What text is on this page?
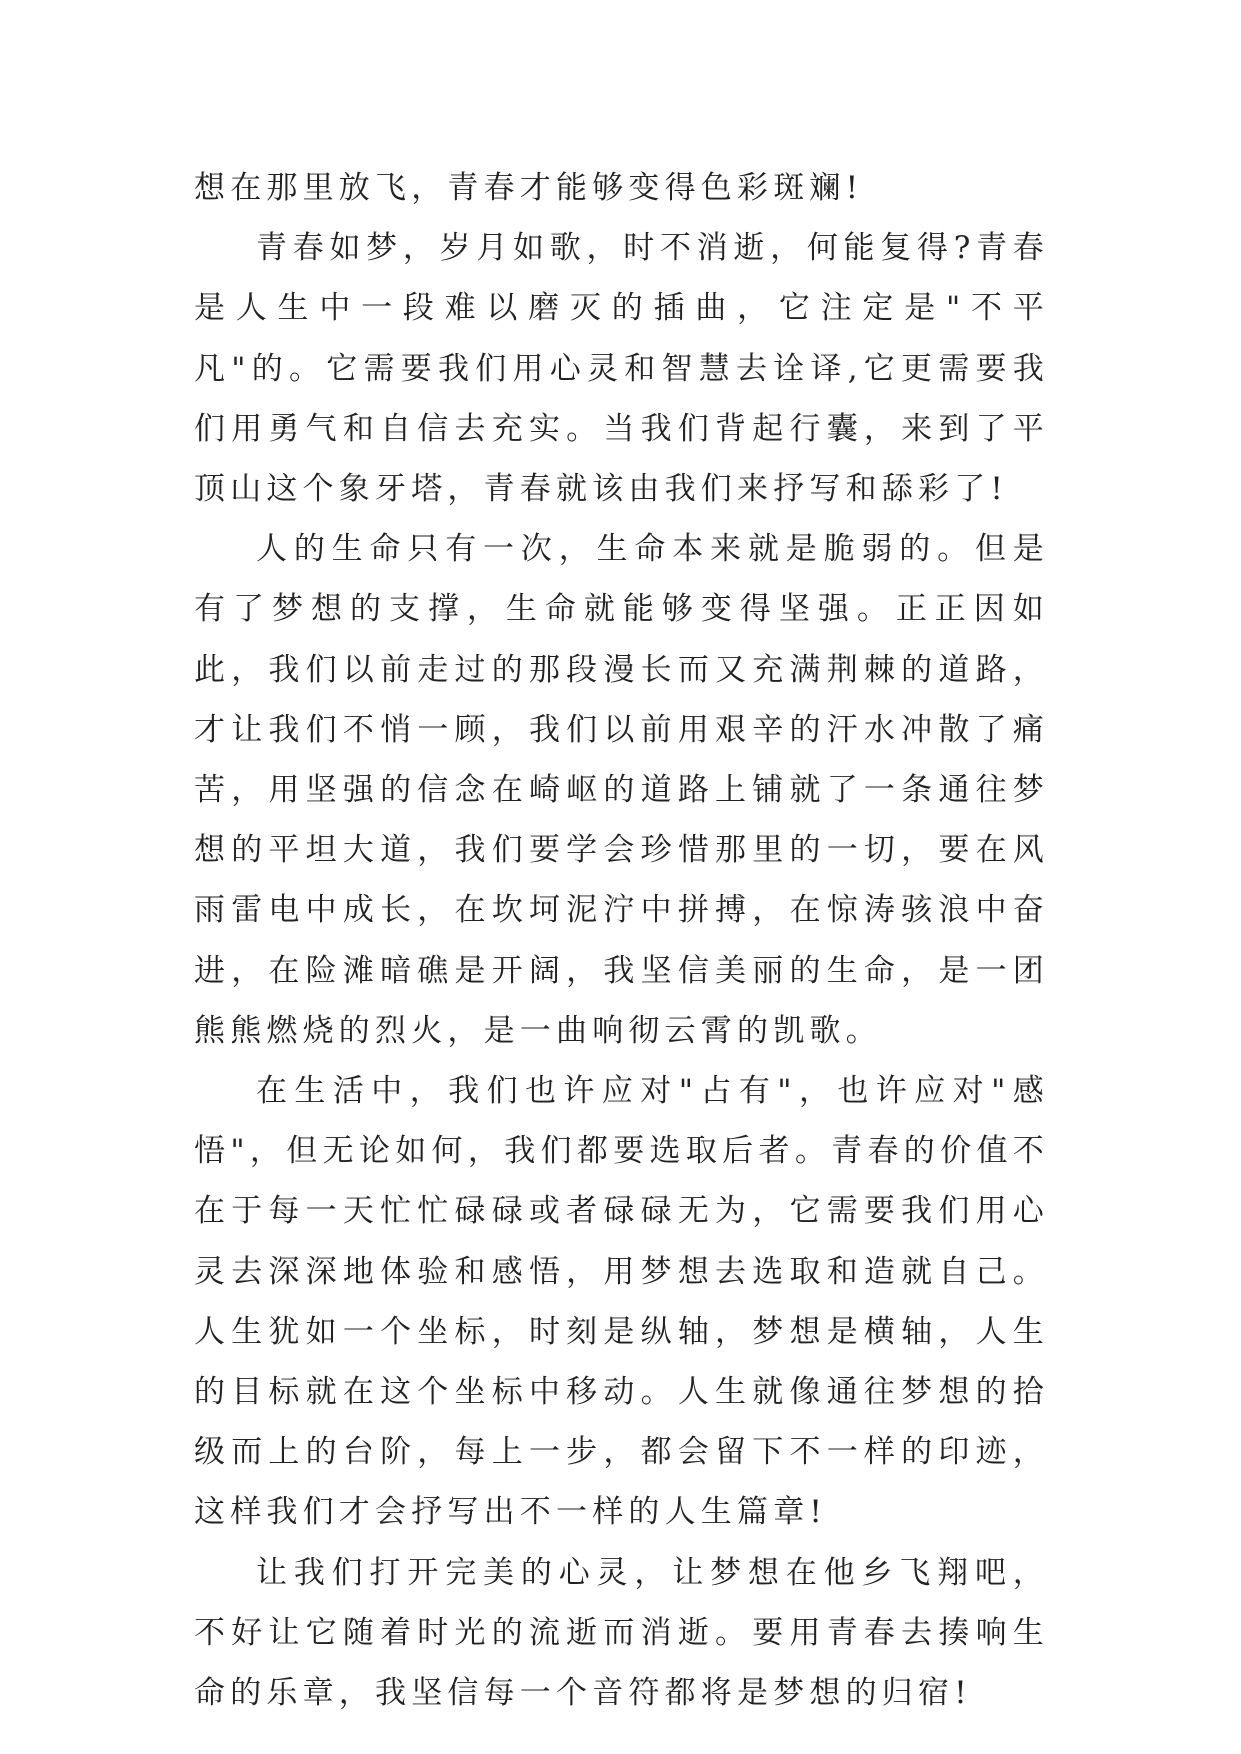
想在那里放飞，青春才能够变得色彩斑斓!

青春如梦，岁月如歌，时不消逝，何能复得?青春是人生中一段难以磨灭的插曲，它注定是"不平凡"的。它需要我们用心灵和智慧去诠译,它更需要我们用勇气和自信去充实。当我们背起行囊，来到了平顶山这个象牙塔，青春就该由我们来抒写和舔彩了!

人的生命只有一次，生命本来就是脆弱的。但是有了梦想的支撑，生命就能够变得坚强。正正因如此，我们以前走过的那段漫长而又充满荆棘的道路，才让我们不悄一顾，我们以前用艰辛的汗水冲散了痛苦，用坚强的信念在崎岖的道路上铺就了一条通往梦想的平坦大道，我们要学会珍惜那里的一切，要在风雨雷电中成长，在坎坷泥泞中拼搏，在惊涛骇浪中奋进，在险滩暗礁是开阔，我坚信美丽的生命，是一团熊熊燃烧的烈火，是一曲响彻云霄的凯歌。

在生活中，我们也许应对"占有"，也许应对"感悟"，但无论如何，我们都要选取后者。青春的价值不在于每一天忙忙碌碌或者碌碌无为，它需要我们用心灵去深深地体验和感悟，用梦想去选取和造就自己。人生犹如一个坐标，时刻是纵轴，梦想是横轴，人生的目标就在这个坐标中移动。人生就像通往梦想的拾级而上的台阶，每上一步，都会留下不一样的印迹，这样我们才会抒写出不一样的人生篇章!

让我们打开完美的心灵，让梦想在他乡飞翔吧，不好让它随着时光的流逝而消逝。要用青春去揍响生命的乐章，我坚信每一个音符都将是梦想的归宿!
